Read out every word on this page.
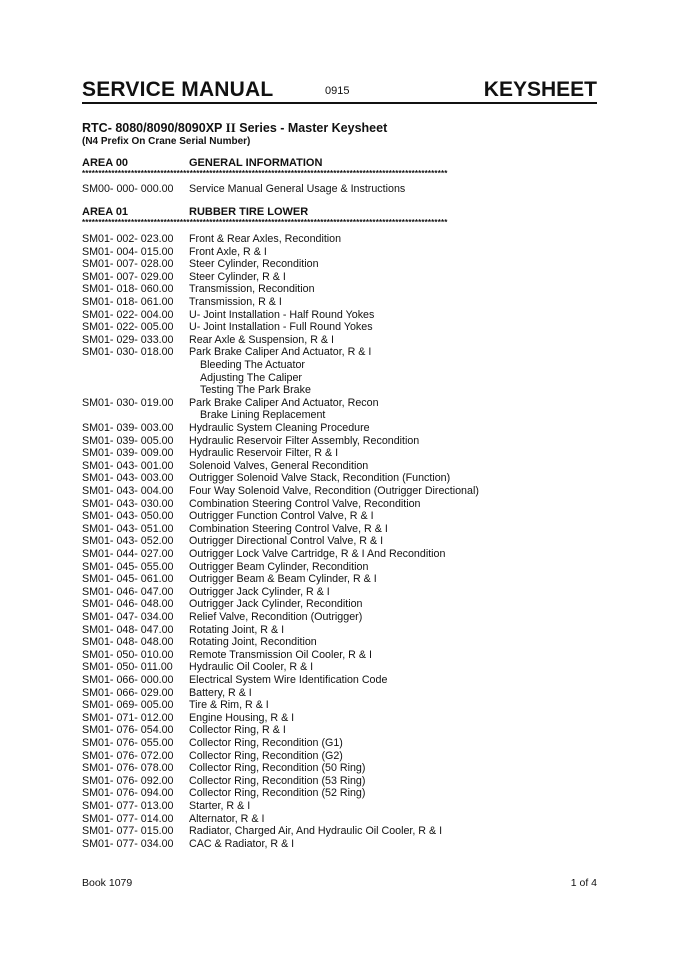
SERVICE MANUAL	0915	KEYSHEET
RTC- 8080/8090/8090XP II Series - Master Keysheet
(N4 Prefix On Crane Serial Number)
AREA 00	GENERAL INFORMATION
****************************************************************************************************************
SM00- 000- 000.00 Service Manual General Usage & Instructions
AREA 01	RUBBER TIRE LOWER
****************************************************************************************************************
SM01- 002- 023.00 Front & Rear Axles, Recondition
SM01- 004- 015.00 Front Axle, R & I
SM01- 007- 028.00 Steer Cylinder, Recondition
SM01- 007- 029.00 Steer Cylinder, R & I
SM01- 018- 060.00 Transmission, Recondition
SM01- 018- 061.00 Transmission, R & I
SM01- 022- 004.00 U- Joint Installation - Half Round Yokes
SM01- 022- 005.00 U- Joint Installation - Full Round Yokes
SM01- 029- 033.00 Rear Axle & Suspension, R & I
SM01- 030- 018.00 Park Brake Caliper And Actuator, R & I
Bleeding The Actuator
Adjusting The Caliper
Testing The Park Brake
SM01- 030- 019.00 Park Brake Caliper And Actuator, Recon
Brake Lining Replacement
SM01- 039- 003.00 Hydraulic System Cleaning Procedure
SM01- 039- 005.00 Hydraulic Reservoir Filter Assembly, Recondition
SM01- 039- 009.00 Hydraulic Reservoir Filter, R & I
SM01- 043- 001.00 Solenoid Valves, General Recondition
SM01- 043- 003.00 Outrigger Solenoid Valve Stack, Recondition (Function)
SM01- 043- 004.00 Four Way Solenoid Valve, Recondition (Outrigger Directional)
SM01- 043- 030.00 Combination Steering Control Valve, Recondition
SM01- 043- 050.00 Outrigger Function Control Valve, R & I
SM01- 043- 051.00 Combination Steering Control Valve, R & I
SM01- 043- 052.00 Outrigger Directional Control Valve, R & I
SM01- 044- 027.00 Outrigger Lock Valve Cartridge, R & I And Recondition
SM01- 045- 055.00 Outrigger Beam Cylinder, Recondition
SM01- 045- 061.00 Outrigger Beam & Beam Cylinder, R & I
SM01- 046- 047.00 Outrigger Jack Cylinder, R & I
SM01- 046- 048.00 Outrigger Jack Cylinder, Recondition
SM01- 047- 034.00 Relief Valve, Recondition (Outrigger)
SM01- 048- 047.00 Rotating Joint, R & I
SM01- 048- 048.00 Rotating Joint, Recondition
SM01- 050- 010.00 Remote Transmission Oil Cooler, R & I
SM01- 050- 011.00 Hydraulic Oil Cooler, R & I
SM01- 066- 000.00 Electrical System Wire Identification Code
SM01- 066- 029.00 Battery, R & I
SM01- 069- 005.00 Tire & Rim, R & I
SM01- 071- 012.00 Engine Housing, R & I
SM01- 076- 054.00 Collector Ring, R & I
SM01- 076- 055.00 Collector Ring, Recondition (G1)
SM01- 076- 072.00 Collector Ring, Recondition (G2)
SM01- 076- 078.00 Collector Ring, Recondition (50 Ring)
SM01- 076- 092.00 Collector Ring, Recondition (53 Ring)
SM01- 076- 094.00 Collector Ring, Recondition (52 Ring)
SM01- 077- 013.00 Starter, R & I
SM01- 077- 014.00 Alternator, R & I
SM01- 077- 015.00 Radiator, Charged Air, And Hydraulic Oil Cooler, R & I
SM01- 077- 034.00 CAC & Radiator, R & I
Book 1079	1 of 4
